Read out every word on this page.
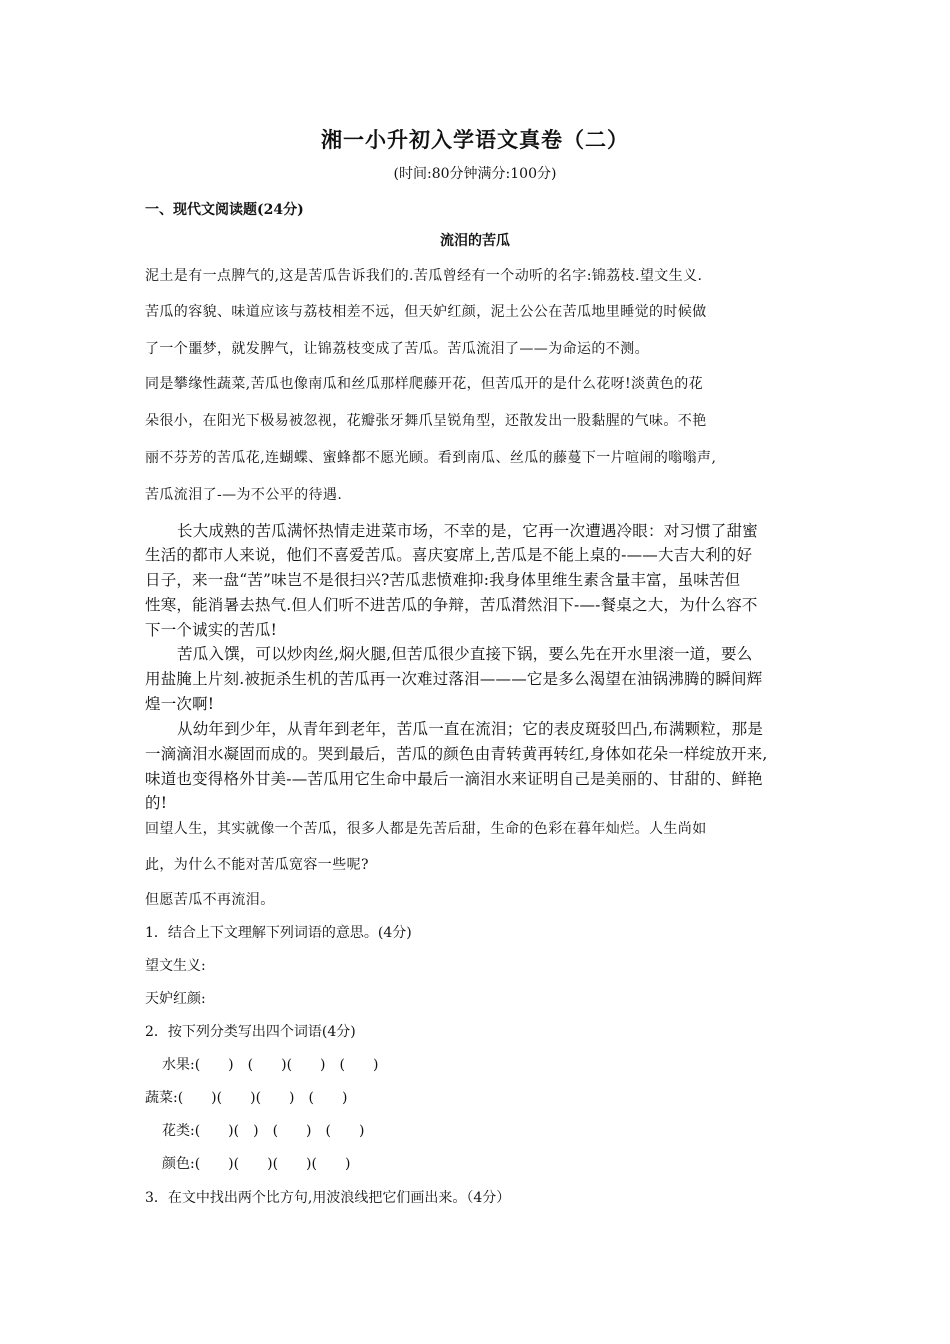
湘一小升初入学语文真卷（二）
(时间:80分钟满分:100分)
一、现代文阅读题(24分)
流泪的苦瓜
泥土是有一点脾气的,这是苦瓜告诉我们的.苦瓜曾经有一个动听的名字:锦荔枝.望文生义.
苦瓜的容貌、味道应该与荔枝相差不远，但天妒红颜，泥土公公在苦瓜地里睡觉的时候做
了一个噩梦，就发脾气，让锦荔枝变成了苦瓜。苦瓜流泪了——为命运的不测。
同是攀缘性蔬菜,苦瓜也像南瓜和丝瓜那样爬藤开花，但苦瓜开的是什么花呀!淡黄色的花
朵很小，在阳光下极易被忽视，花瓣张牙舞爪呈锐角型，还散发出一股黏腥的气味。不艳
丽不芬芳的苦瓜花,连蝴蝶、蜜蜂都不愿光顾。看到南瓜、丝瓜的藤蔓下一片喧闹的嗡嗡声,
苦瓜流泪了-—为不公平的待遇.
长大成熟的苦瓜满怀热情走进菜市场，不幸的是，它再一次遭遇冷眼：对习惯了甜蜜
生活的都市人来说，他们不喜爱苦瓜。喜庆宴席上,苦瓜是不能上桌的-——大吉大利的好
日子，来一盘“苦”味岂不是很扫兴?苦瓜悲愤难抑:我身体里维生素含量丰富，虽味苦但
性寒，能消暑去热气.但人们听不进苦瓜的争辩，苦瓜潸然泪下-—-餐桌之大，为什么容不
下一个诚实的苦瓜!
苦瓜入馔，可以炒肉丝,焖火腿,但苦瓜很少直接下锅，要么先在开水里滚一道，要么
用盐腌上片刻.被扼杀生机的苦瓜再一次难过落泪———它是多么渴望在油锅沸腾的瞬间辉
煌一次啊!
从幼年到少年，从青年到老年，苦瓜一直在流泪；它的表皮斑驳凹凸,布满颗粒，那是
一滴滴泪水凝固而成的。哭到最后，苦瓜的颜色由青转黄再转红,身体如花朵一样绽放开来,
味道也变得格外甘美-—苦瓜用它生命中最后一滴泪水来证明自己是美丽的、甘甜的、鲜艳
的!
回望人生，其实就像一个苦瓜，很多人都是先苦后甜，生命的色彩在暮年灿烂。人生尚如
此，为什么不能对苦瓜宽容一些呢?
但愿苦瓜不再流泪。
1．结合上下文理解下列词语的意思。(4分)
望文生义:
天妒红颜:
2．按下列分类写出四个词语(4分)
水果:(　　)　(　　)(　　)　(　　)
蔬菜:(　　)(　　)(　　)　(　　)
花类:(　　)(　)　(　　)　(　　)
颜色:(　　)(　　)(　　)(　　)
3．在文中找出两个比方句,用波浪线把它们画出来。（4分）
